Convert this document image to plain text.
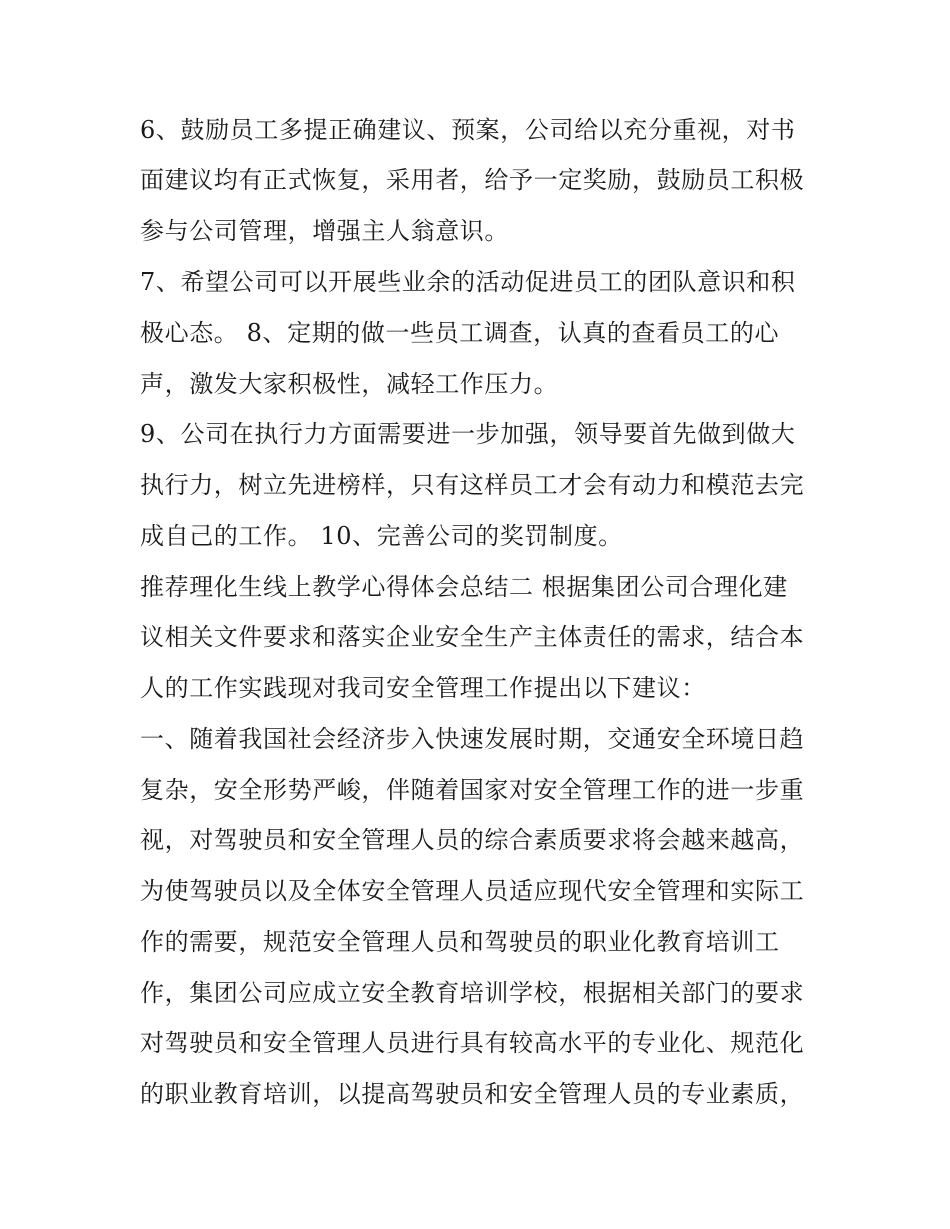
6、鼓励员工多提正确建议、预案，公司给以充分重视，对书
面建议均有正式恢复，采用者，给予一定奖励，鼓励员工积极
参与公司管理，增强主人翁意识。
7、希望公司可以开展些业余的活动促进员工的团队意识和积
极心态。 8、定期的做一些员工调查，认真的查看员工的心
声，激发大家积极性，减轻工作压力。
9、公司在执行力方面需要进一步加强，领导要首先做到做大
执行力，树立先进榜样，只有这样员工才会有动力和模范去完
成自己的工作。 10、完善公司的奖罚制度。
推荐理化生线上教学心得体会总结二 根据集团公司合理化建
议相关文件要求和落实企业安全生产主体责任的需求，结合本
人的工作实践现对我司安全管理工作提出以下建议：
一、随着我国社会经济步入快速发展时期，交通安全环境日趋
复杂，安全形势严峻，伴随着国家对安全管理工作的进一步重
视，对驾驶员和安全管理人员的综合素质要求将会越来越高，
为使驾驶员以及全体安全管理人员适应现代安全管理和实际工
作的需要，规范安全管理人员和驾驶员的职业化教育培训工
作，集团公司应成立安全教育培训学校，根据相关部门的要求
对驾驶员和安全管理人员进行具有较高水平的专业化、规范化
的职业教育培训，以提高驾驶员和安全管理人员的专业素质，
